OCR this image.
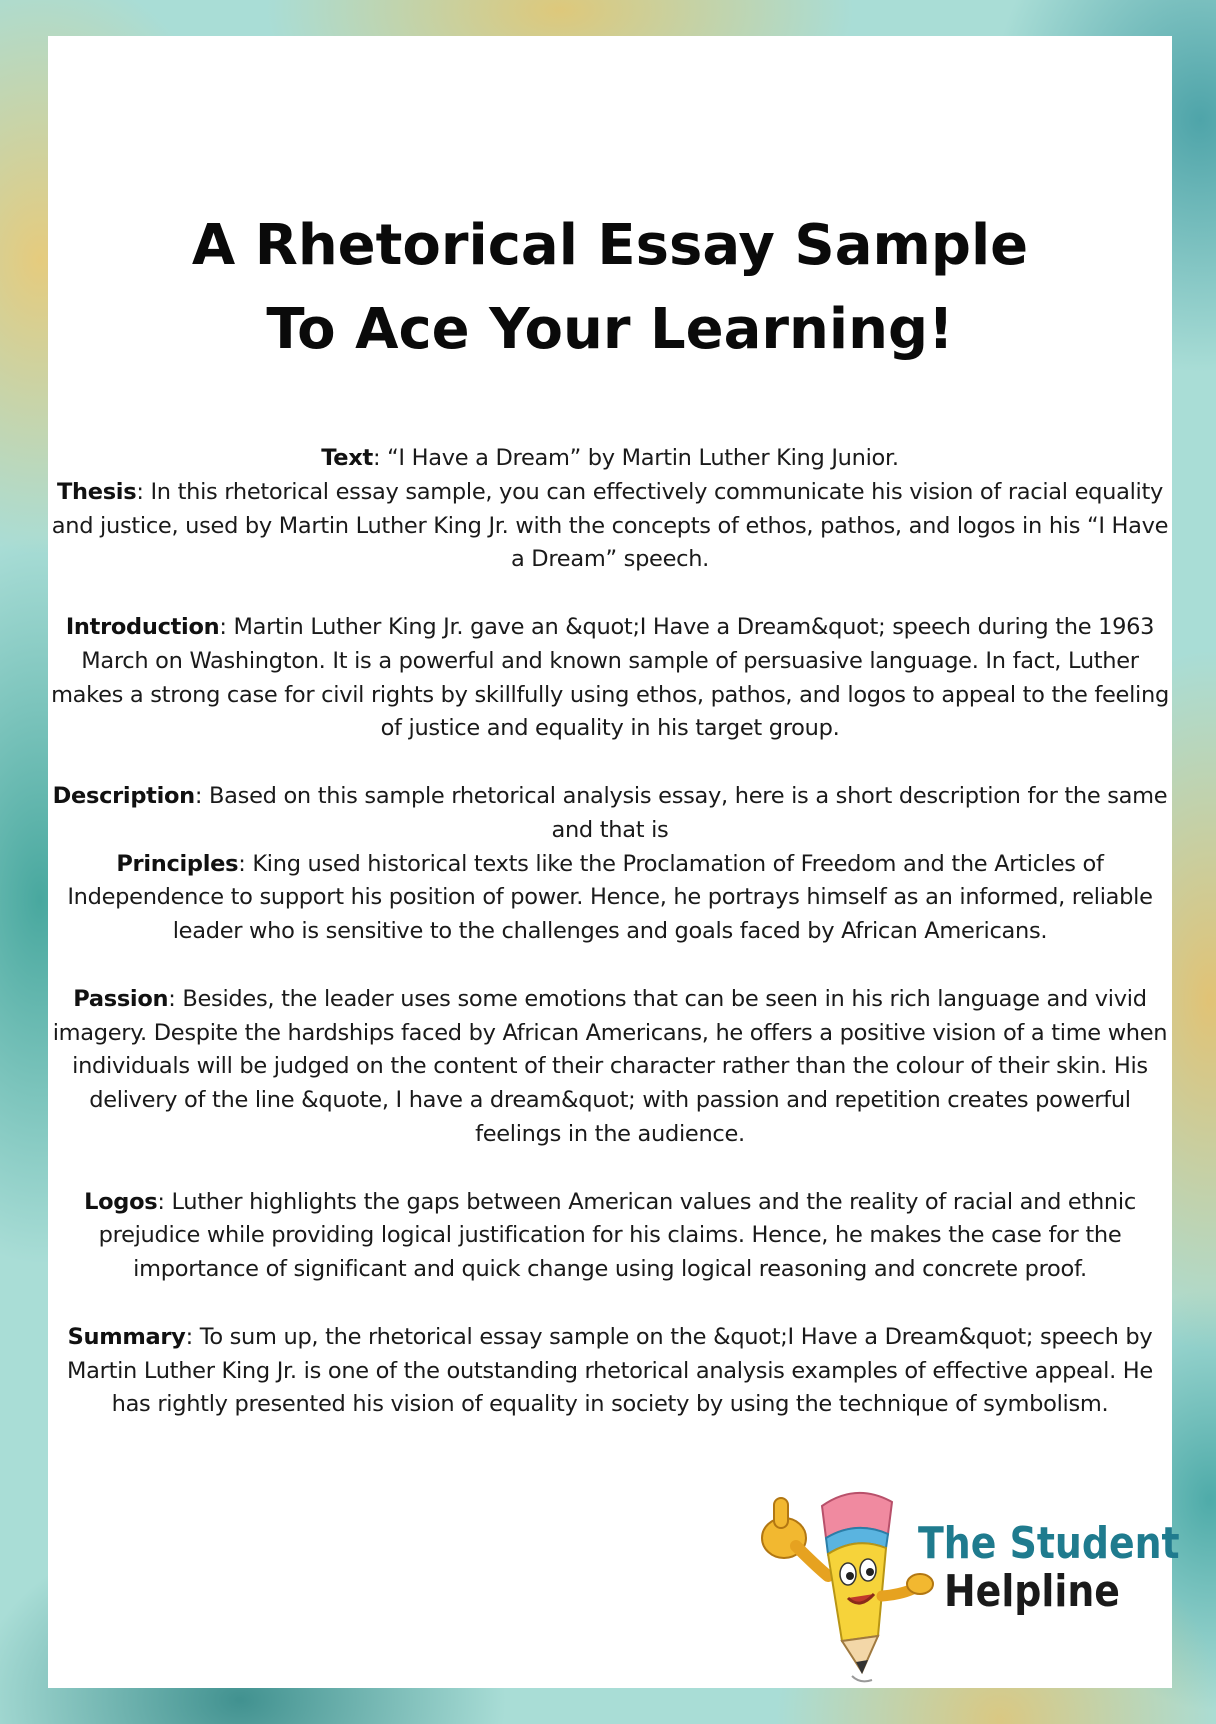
A Rhetorical Essay Sample
To Ace Your Learning!

Text: “I Have a Dream” by Martin Luther King Junior.

Thesis: In this rhetorical essay sample, you can effectively communicate his vision of racial equality and justice, used by Martin Luther King Jr. with the concepts of ethos, pathos, and logos in his “I Have a Dream” speech.

Introduction: Martin Luther King Jr. gave an &quot;I Have a Dream&quot; speech during the 1963 March on Washington. It is a powerful and known sample of persuasive language. In fact, Luther makes a strong case for civil rights by skillfully using ethos, pathos, and logos to appeal to the feeling of justice and equality in his target group.

Description: Based on this sample rhetorical analysis essay, here is a short description for the same and that is

Principles: King used historical texts like the Proclamation of Freedom and the Articles of Independence to support his position of power. Hence, he portrays himself as an informed, reliable leader who is sensitive to the challenges and goals faced by African Americans.

Passion: Besides, the leader uses some emotions that can be seen in his rich language and vivid imagery. Despite the hardships faced by African Americans, he offers a positive vision of a time when individuals will be judged on the content of their character rather than the colour of their skin. His delivery of the line &quote, I have a dream&quot; with passion and repetition creates powerful feelings in the audience.

Logos: Luther highlights the gaps between American values and the reality of racial and ethnic prejudice while providing logical justification for his claims. Hence, he makes the case for the importance of significant and quick change using logical reasoning and concrete proof.

Summary: To sum up, the rhetorical essay sample on the &quot;I Have a Dream&quot; speech by Martin Luther King Jr. is one of the outstanding rhetorical analysis examples of effective appeal. He has rightly presented his vision of equality in society by using the technique of symbolism.

The Student
Helpline
